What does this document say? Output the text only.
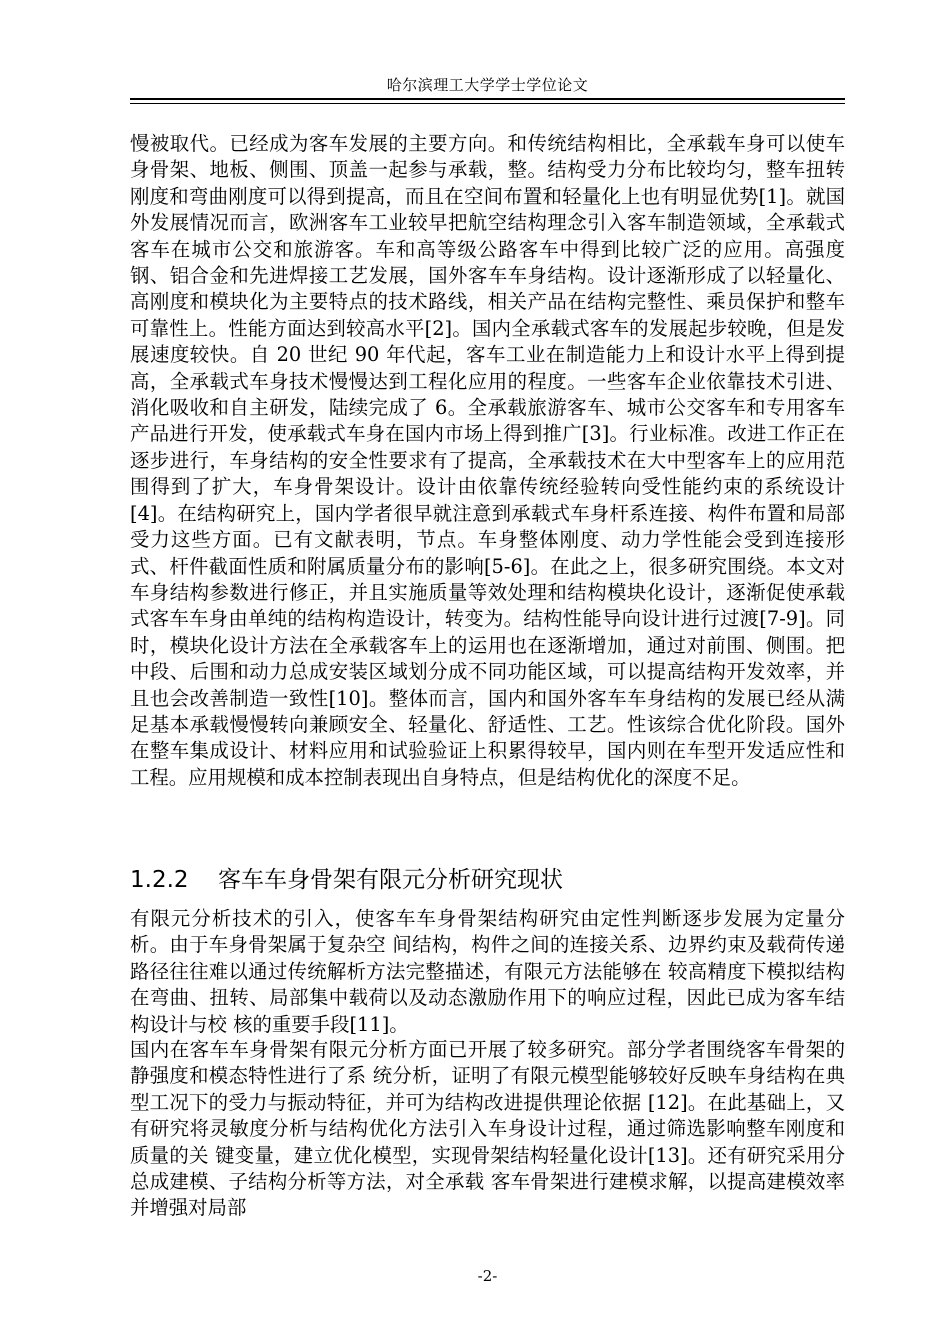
哈尔滨理工大学学士学位论文
慢被取代。已经成为客车发展的主要方向。和传统结构相比，全承载车身可以使车身骨架、地板、侧围、顶盖一起参与承载，整。结构受力分布比较均匀，整车扭转刚度和弯曲刚度可以得到提高，而且在空间布置和轻量化上也有明显优势[1]。就国外发展情况而言，欧洲客车工业较早把航空结构理念引入客车制造领域，全承载式客车在城市公交和旅游客。车和高等级公路客车中得到比较广泛的应用。高强度钢、铝合金和先进焊接工艺发展，国外客车车身结构。设计逐渐形成了以轻量化、高刚度和模块化为主要特点的技术路线，相关产品在结构完整性、乘员保护和整车可靠性上。性能方面达到较高水平[2]。国内全承载式客车的发展起步较晚，但是发展速度较快。自 20 世纪 90 年代起，客车工业在制造能力上和设计水平上得到提高，全承载式车身技术慢慢达到工程化应用的程度。一些客车企业依靠技术引进、消化吸收和自主研发，陆续完成了 6。全承载旅游客车、城市公交客车和专用客车产品进行开发，使承载式车身在国内市场上得到推广[3]。行业标准。改进工作正在逐步进行，车身结构的安全性要求有了提高，全承载技术在大中型客车上的应用范围得到了扩大，车身骨架设计。设计由依靠传统经验转向受性能约束的系统设计[4]。在结构研究上，国内学者很早就注意到承载式车身杆系连接、构件布置和局部受力这些方面。已有文献表明，节点。车身整体刚度、动力学性能会受到连接形式、杆件截面性质和附属质量分布的影响[5-6]。在此之上，很多研究围绕。本文对车身结构参数进行修正，并且实施质量等效处理和结构模块化设计，逐渐促使承载式客车车身由单纯的结构构造设计，转变为。结构性能导向设计进行过渡[7-9]。同时，模块化设计方法在全承载客车上的运用也在逐渐增加，通过对前围、侧围。把中段、后围和动力总成安装区域划分成不同功能区域，可以提高结构开发效率，并且也会改善制造一致性[10]。整体而言，国内和国外客车车身结构的发展已经从满足基本承载慢慢转向兼顾安全、轻量化、舒适性、工艺。性该综合优化阶段。国外在整车集成设计、材料应用和试验验证上积累得较早，国内则在车型开发适应性和工程。应用规模和成本控制表现出自身特点，但是结构优化的深度不足。
1.2.2 客车车身骨架有限元分析研究现状
有限元分析技术的引入，使客车车身骨架结构研究由定性判断逐步发展为定量分析。由于车身骨架属于复杂空 间结构，构件之间的连接关系、边界约束及载荷传递路径往往难以通过传统解析方法完整描述，有限元方法能够在 较高精度下模拟结构在弯曲、扭转、局部集中载荷以及动态激励作用下的响应过程，因此已成为客车结构设计与校 核的重要手段[11]。
国内在客车车身骨架有限元分析方面已开展了较多研究。部分学者围绕客车骨架的静强度和模态特性进行了系 统分析，证明了有限元模型能够较好反映车身结构在典型工况下的受力与振动特征，并可为结构改进提供理论依据 [12]。在此基础上，又有研究将灵敏度分析与结构优化方法引入车身设计过程，通过筛选影响整车刚度和质量的关 键变量，建立优化模型，实现骨架结构轻量化设计[13]。还有研究采用分总成建模、子结构分析等方法，对全承载 客车骨架进行建模求解，以提高建模效率并增强对局部
-2-
